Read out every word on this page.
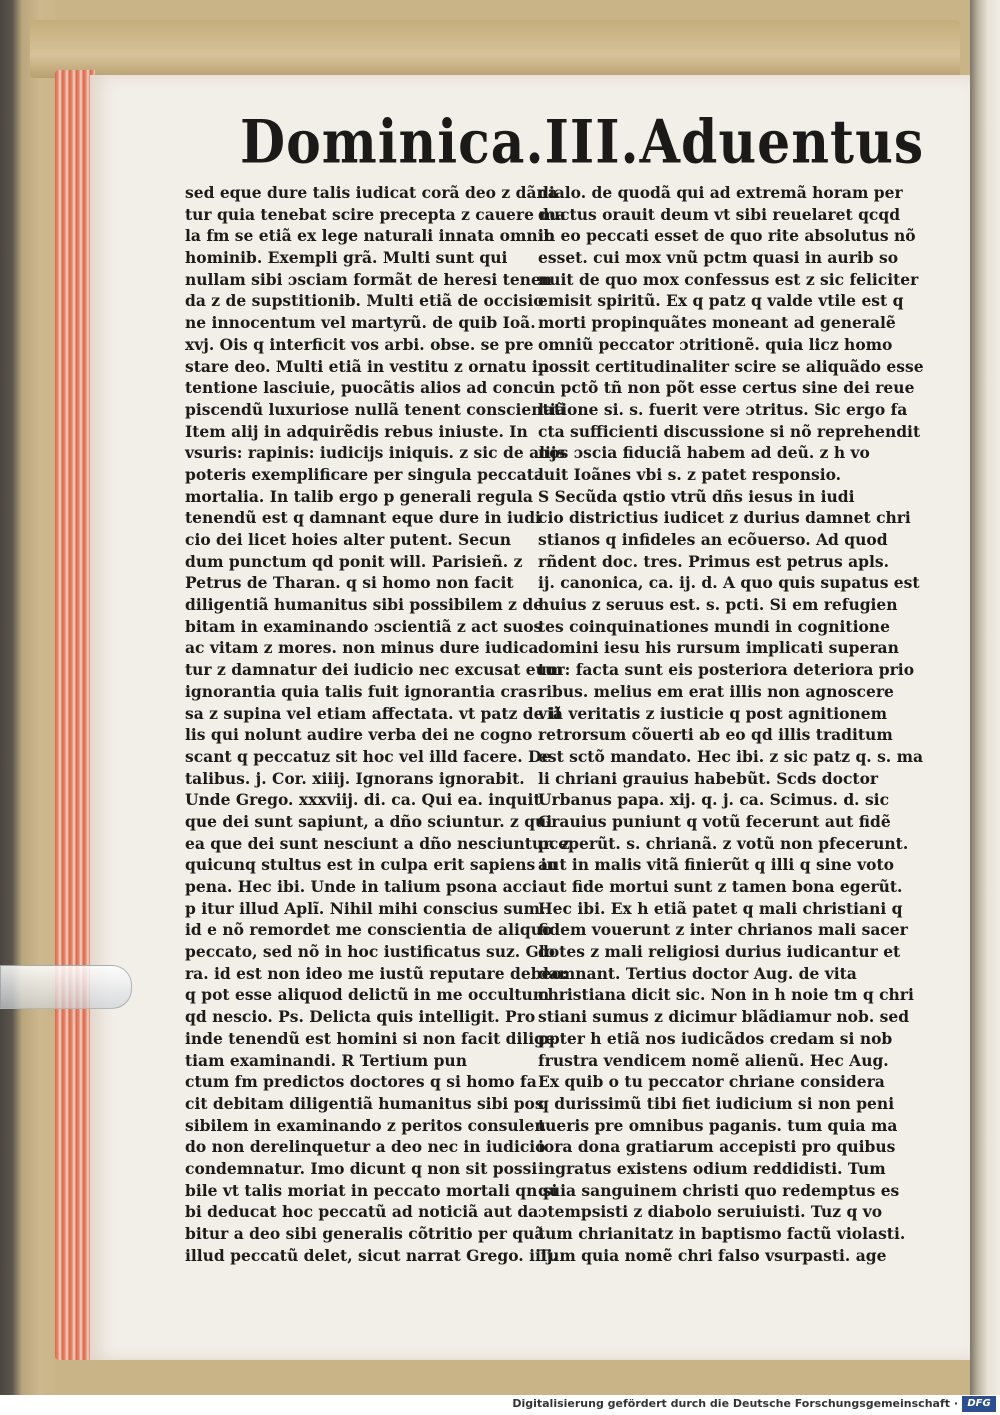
Dominica.III.Aduentus
sed eque dure talis iudicat corã deo z dãna
tur quia tenebat scire precepta z cauere ma
la fm se etiã ex lege naturali innata omnib
hominib. Exempli grã. Multi sunt qui
nullam sibi ɔsciam formãt de heresi tenen
da z de supstitionib. Multi etiã de occisio
ne innocentum vel martyrũ. de quib Ioã.
xvj. Ois q interficit vos arbi. obse. se pre
stare deo. Multi etiã in vestitu z ornatu in
tentione lasciuie, puocãtis alios ad concu
piscendũ luxuriose nullã tenent conscientiã
Item alij in adquirẽdis rebus iniuste. In
vsuris: rapinis: iudicijs iniquis. z sic de alijs
poteris exemplificare per singula peccata
mortalia. In talib ergo p generali regula
tenendũ est q damnant eque dure in iudi
cio dei licet hoies alter putent. Secun
dum punctum qd ponit will. Parisieñ. z
Petrus de Tharan. q si homo non facit
diligentiã humanitus sibi possibilem z de
bitam in examinando ɔscientiã z act suos
ac vitam z mores. non minus dure iudica
tur z damnatur dei iudicio nec excusat eum
ignorantia quia talis fuit ignorantia cras
sa z supina vel etiam affectata. vt patz de il
lis qui nolunt audire verba dei ne cogno
scant q peccatuz sit hoc vel illd facere. De
talibus. j. Cor. xiiij. Ignorans ignorabit.
Unde Grego. xxxviij. di. ca. Qui ea. inquit
que dei sunt sapiunt, a dño sciuntur. z qui
ea que dei sunt nesciunt a dño nesciuntur. z
quicunq stultus est in culpa erit sapiens in
pena. Hec ibi. Unde in talium psona acci
p itur illud Aplĩ. Nihil mihi conscius sum.
id e nõ remordet me conscientia de aliquo
peccato, sed nõ in hoc iustificatus suz. Glo
ra. id est non ideo me iustũ reputare debeo:
q pot esse aliquod delictũ in me occultum
qd nescio. Ps. Delicta quis intelligit. Pro
inde tenendũ est homini si non facit dilige
tiam examinandi. R Tertium pun
ctum fm predictos doctores q si homo fa
cit debitam diligentiã humanitus sibi pos
sibilem in examinando z peritos consulen
do non derelinquetur a deo nec in iudicio
condemnatur. Imo dicunt q non sit possi
bile vt talis moriat in peccato mortali qn si
bi deducat hoc peccatũ ad noticiã aut da
bitur a deo sibi generalis cõtritio per quã
illud peccatũ delet, sicut narrat Grego. iiij.
dialo. de quodã qui ad extremã horam per
ductus orauit deum vt sibi reuelaret qcqd
in eo peccati esset de quo rite absolutus nõ
esset. cui mox vnũ pctm quasi in aurib so
nuit de quo mox confessus est z sic feliciter
emisit spiritũ. Ex q patz q valde vtile est q
morti propinquãtes moneant ad generalẽ
omniũ peccator ɔtritionẽ. quia licz homo
possit certitudinaliter scire se aliquãdo esse
in pctõ tñ non põt esse certus sine dei reue
latione si. s. fuerit vere ɔtritus. Sic ergo fa
cta sufficienti discussione si nõ reprehendit
nos ɔscia fiduciã habem ad deũ. z h vo
luit Ioãnes vbi s. z patet responsio.
S Secũda qstio vtrũ dñs iesus in iudi
cio districtius iudicet z durius damnet chri
stianos q infideles an ecõuerso. Ad quod
rñdent doc. tres. Primus est petrus apls.
ij. canonica, ca. ij. d. A quo quis supatus est
huius z seruus est. s. pcti. Si em refugien
tes coinquinationes mundi in cognitione
domini iesu his rursum implicati superan
tur: facta sunt eis posteriora deteriora prio
ribus. melius em erat illis non agnoscere
viã veritatis z iusticie q post agnitionem
retrorsum cõuerti ab eo qd illis traditum
est sctõ mandato. Hec ibi. z sic patz q. s. ma
li chriani grauius habebũt. Scds doctor
Urbanus papa. xij. q. j. ca. Scimus. d. sic
Grauius puniunt q votũ fecerunt aut fidẽ
pceperũt. s. chrianã. z votũ non pfecerunt.
aut in malis vitã finierũt q illi q sine voto
aut fide mortui sunt z tamen bona egerũt.
Hec ibi. Ex h etiã patet q mali christiani q
fidem vouerunt z inter chrianos mali sacer
dotes z mali religiosi durius iudicantur et
damnant. Tertius doctor Aug. de vita
christiana dicit sic. Non in h noie tm q chri
stiani sumus z dicimur blãdiamur nob. sed
ppter h etiã nos iudicãdos credam si nob
frustra vendicem nomẽ alienũ. Hec Aug.
Ex quib o tu peccator chriane considera
q durissimũ tibi fiet iudicium si non peni
tueris pre omnibus paganis. tum quia ma
iora dona gratiarum accepisti pro quibus
ingratus existens odium reddidisti. Tum
quia sanguinem christi quo redemptus es
ɔtempsisti z diabolo seruiuisti. Tuz q vo
tum chrianitatz in baptismo factũ violasti.
Tum quia nomẽ chri falso vsurpasti. age
Digitalisierung gefördert durch die Deutsche Forschungsgemeinschaft · DFG
